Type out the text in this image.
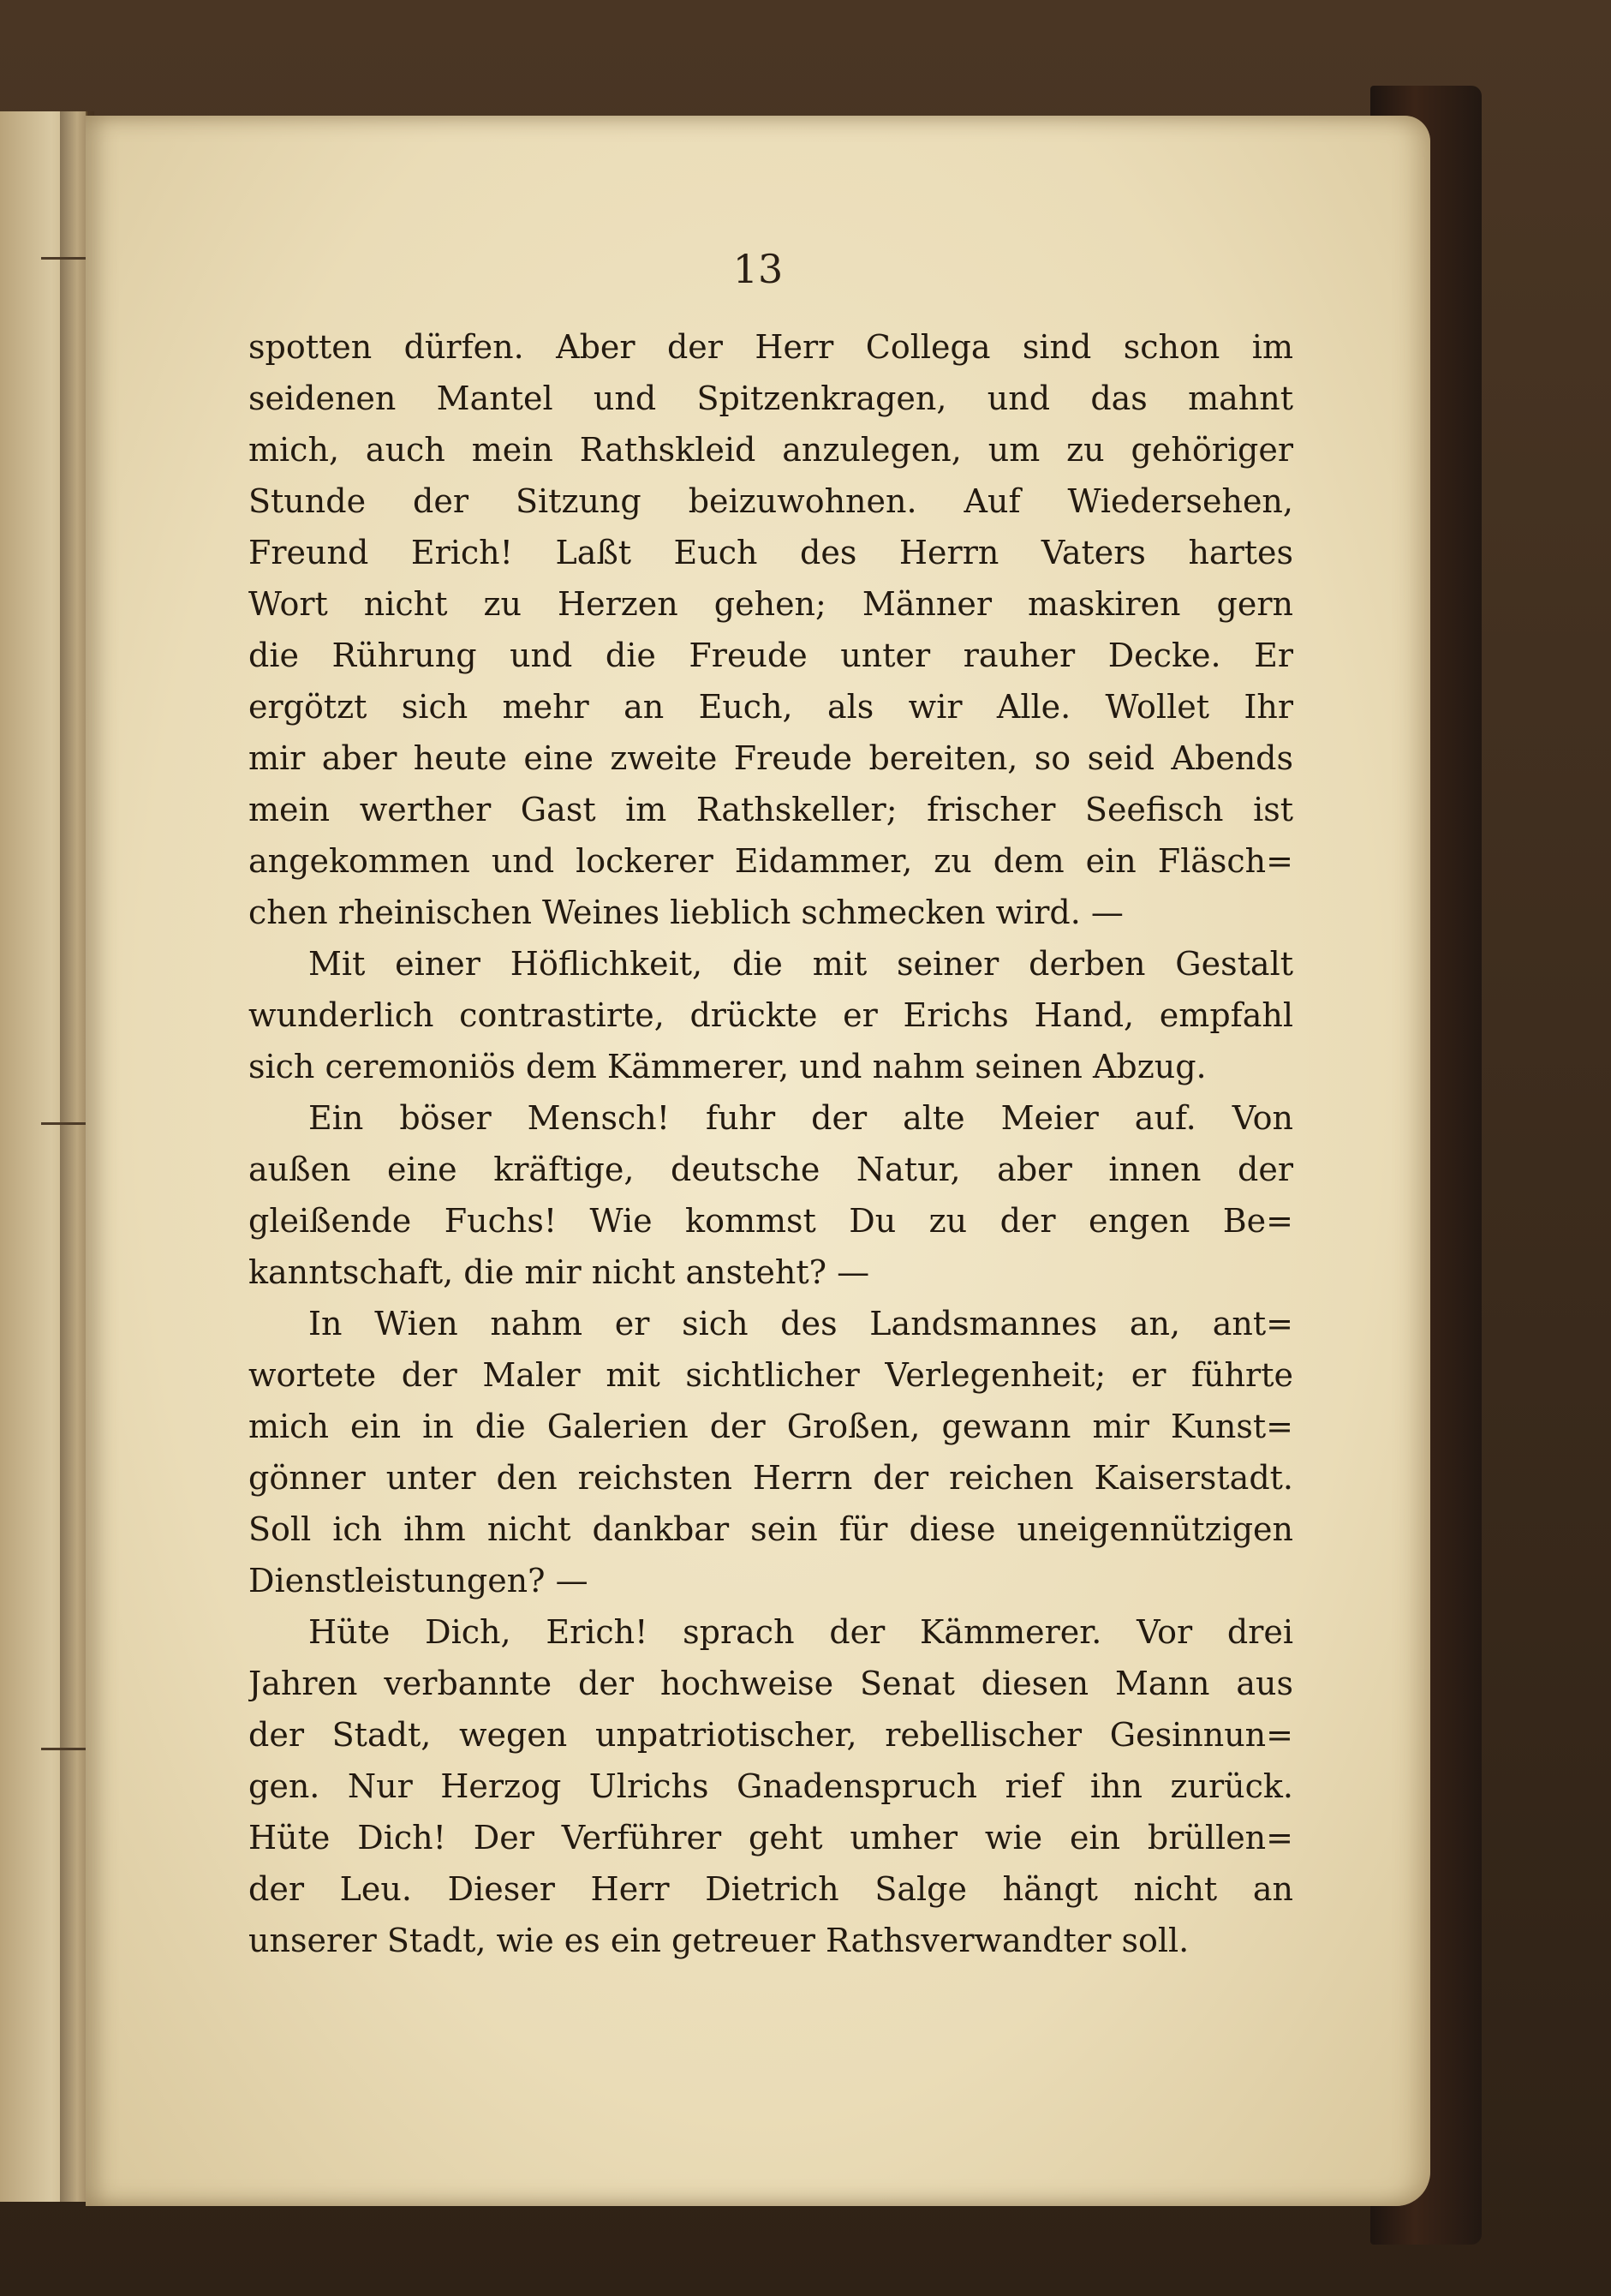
13
spotten dürfen. Aber der Herr Collega sind schon im
seidenen Mantel und Spitzenkragen, und das mahnt
mich, auch mein Rathskleid anzulegen, um zu gehöriger
Stunde der Sitzung beizuwohnen. Auf Wiedersehen,
Freund Erich! Laßt Euch des Herrn Vaters hartes
Wort nicht zu Herzen gehen; Männer maskiren gern
die Rührung und die Freude unter rauher Decke. Er
ergötzt sich mehr an Euch, als wir Alle. Wollet Ihr
mir aber heute eine zweite Freude bereiten, so seid Abends
mein werther Gast im Rathskeller; frischer Seefisch ist
angekommen und lockerer Eidammer, zu dem ein Fläsch=
chen rheinischen Weines lieblich schmecken wird. —
Mit einer Höflichkeit, die mit seiner derben Gestalt
wunderlich contrastirte, drückte er Erichs Hand, empfahl
sich ceremoniös dem Kämmerer, und nahm seinen Abzug.
Ein böser Mensch! fuhr der alte Meier auf. Von
außen eine kräftige, deutsche Natur, aber innen der
gleißende Fuchs! Wie kommst Du zu der engen Be=
kanntschaft, die mir nicht ansteht? —
In Wien nahm er sich des Landsmannes an, ant=
wortete der Maler mit sichtlicher Verlegenheit; er führte
mich ein in die Galerien der Großen, gewann mir Kunst=
gönner unter den reichsten Herrn der reichen Kaiserstadt.
Soll ich ihm nicht dankbar sein für diese uneigennützigen
Dienstleistungen? —
Hüte Dich, Erich! sprach der Kämmerer. Vor drei
Jahren verbannte der hochweise Senat diesen Mann aus
der Stadt, wegen unpatriotischer, rebellischer Gesinnun=
gen. Nur Herzog Ulrichs Gnadenspruch rief ihn zurück.
Hüte Dich! Der Verführer geht umher wie ein brüllen=
der Leu. Dieser Herr Dietrich Salge hängt nicht an
unserer Stadt, wie es ein getreuer Rathsverwandter soll.
